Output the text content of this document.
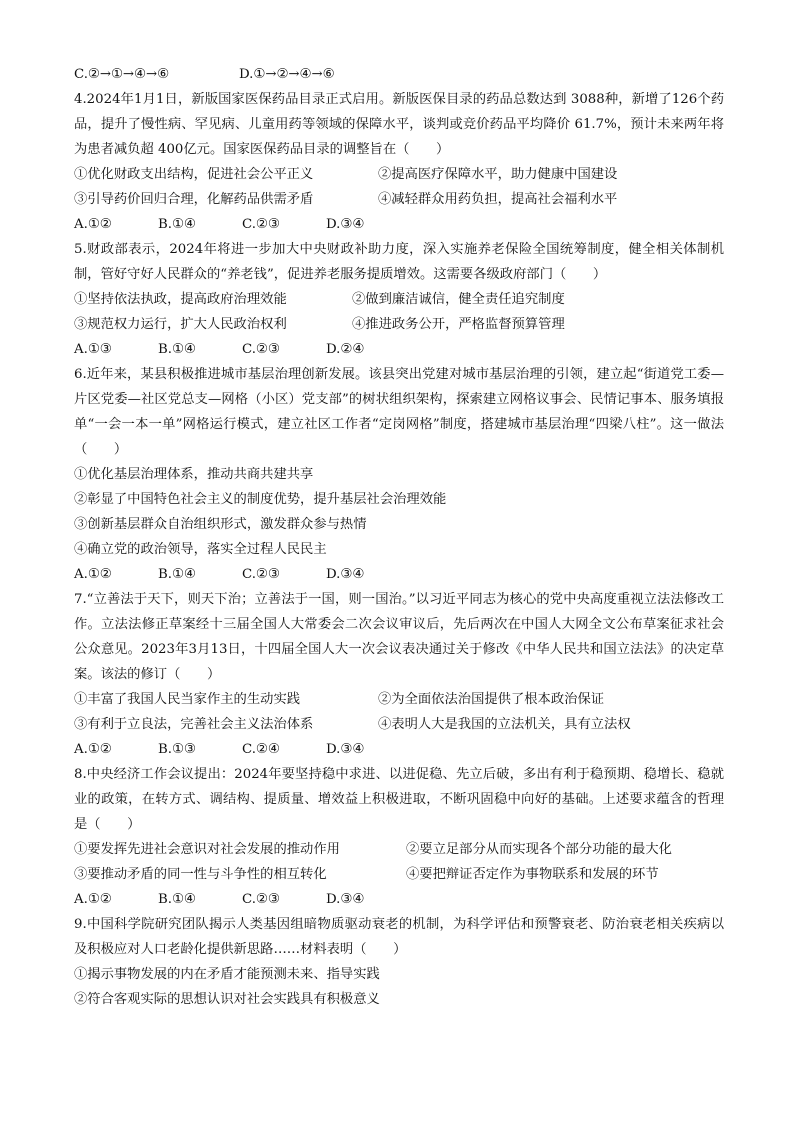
C.②→①→④→⑥	D.①→②→④→⑥
4.2024年1月1日，新版国家医保药品目录正式启用。新版医保目录的药品总数达到 3088种，新增了126个药品，提升了慢性病、罕见病、儿童用药等领域的保障水平，谈判或竞价药品平均降价 61.7%，预计未来两年将为患者减负超 400亿元。国家医保药品目录的调整旨在（　　）
①优化财政支出结构，促进社会公平正义	②提高医疗保障水平，助力健康中国建设
③引导药价回归合理，化解药品供需矛盾	④减轻群众用药负担，提高社会福利水平
A.①②	B.①④	C.②③	D.③④
5.财政部表示，2024年将进一步加大中央财政补助力度，深入实施养老保险全国统筹制度，健全相关体制机制，管好守好人民群众的“养老钱”，促进养老服务提质增效。这需要各级政府部门（　　）
①坚持依法执政，提高政府治理效能	②做到廉洁诚信，健全责任追究制度
③规范权力运行，扩大人民政治权利	④推进政务公开，严格监督预算管理
A.①③	B.①④	C.②③	D.②④
6.近年来，某县积极推进城市基层治理创新发展。该县突出党建对城市基层治理的引领，建立起“街道党工委—片区党委—社区党总支—网格（小区）党支部”的树状组织架构，探索建立网格议事会、民情记事本、服务填报单“一会一本一单”网格运行模式，建立社区工作者“定岗网格”制度，搭建城市基层治理“四梁八柱”。这一做法（　　）
①优化基层治理体系，推动共商共建共享
②彰显了中国特色社会主义的制度优势，提升基层社会治理效能
③创新基层群众自治组织形式，激发群众参与热情
④确立党的政治领导，落实全过程人民民主
A.①②	B.①④	C.②③	D.③④
7.“立善法于天下，则天下治；立善法于一国，则一国治。”以习近平同志为核心的党中央高度重视立法法修改工作。立法法修正草案经十三届全国人大常委会二次会议审议后，先后两次在中国人大网全文公布草案征求社会公众意见。2023年3月13日，十四届全国人大一次会议表决通过关于修改《中华人民共和国立法法》的决定草案。该法的修订（　　）
①丰富了我国人民当家作主的生动实践	②为全面依法治国提供了根本政治保证
③有利于立良法，完善社会主义法治体系	④表明人大是我国的立法机关，具有立法权
A.①②	B.①③	C.②④	D.③④
8.中央经济工作会议提出：2024年要坚持稳中求进、以进促稳、先立后破，多出有利于稳预期、稳增长、稳就业的政策，在转方式、调结构、提质量、增效益上积极进取，不断巩固稳中向好的基础。上述要求蕴含的哲理是（　　）
①要发挥先进社会意识对社会发展的推动作用	②要立足部分从而实现各个部分功能的最大化
③要推动矛盾的同一性与斗争性的相互转化	④要把辩证否定作为事物联系和发展的环节
A.①②	B.①④	C.②③	D.③④
9.中国科学院研究团队揭示人类基因组暗物质驱动衰老的机制，为科学评估和预警衰老、防治衰老相关疾病以及积极应对人口老龄化提供新思路……材料表明（　　）
①揭示事物发展的内在矛盾才能预测未来、指导实践
②符合客观实际的思想认识对社会实践具有积极意义
